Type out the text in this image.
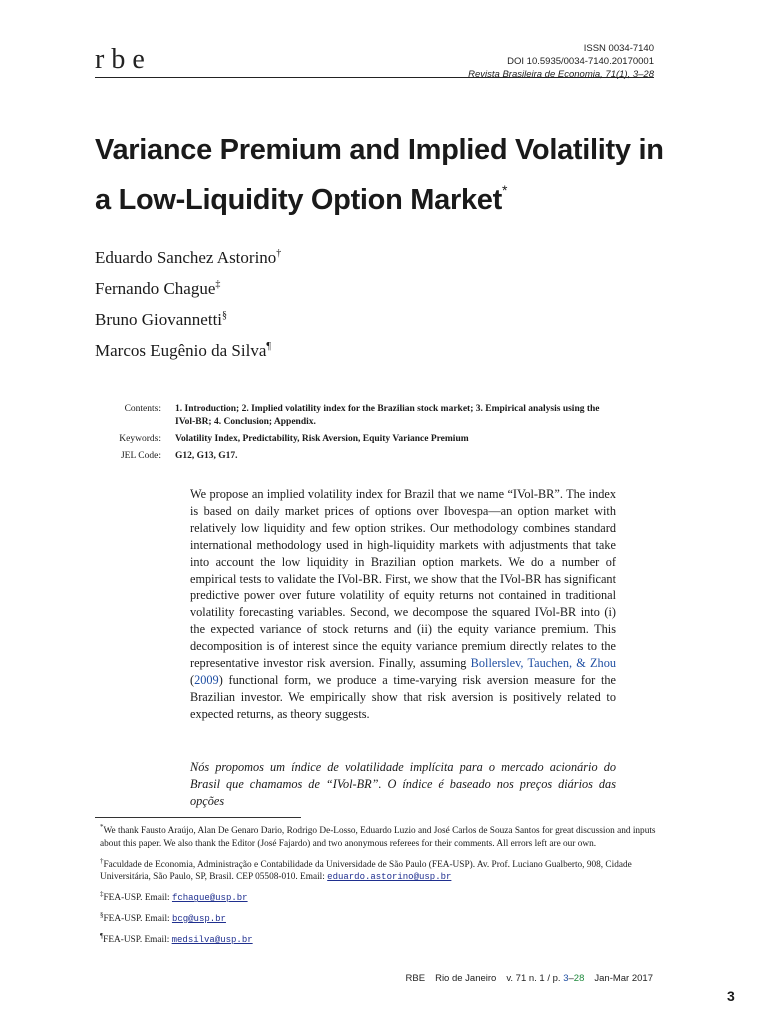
rbe	ISSN 0034-7140
DOI 10.5935/0034-7140.20170001
Revista Brasileira de Economia, 71(1), 3–28
Variance Premium and Implied Volatility in a Low-Liquidity Option Market*
Eduardo Sanchez Astorino†
Fernando Chague‡
Bruno Giovannetti§
Marcos Eugênio da Silva¶
Contents:	1. Introduction; 2. Implied volatility index for the Brazilian stock market; 3. Empirical analysis using the IVol-BR; 4. Conclusion; Appendix.
Keywords:	Volatility Index, Predictability, Risk Aversion, Equity Variance Premium
JEL Code:	G12, G13, G17.

We propose an implied volatility index for Brazil that we name “IVol-BR”. The index is based on daily market prices of options over Ibovespa—an option market with relatively low liquidity and few option strikes. Our methodology combines standard international methodology used in high-liquidity markets with adjustments that take into account the low liquidity in Brazilian option markets. We do a number of empirical tests to validate the IVol-BR. First, we show that the IVol-BR has significant predictive power over future volatility of equity returns not contained in traditional volatility forecasting variables. Second, we decompose the squared IVol-BR into (i) the expected variance of stock returns and (ii) the equity variance premium. This decomposition is of interest since the equity variance premium directly relates to the representative investor risk aversion. Finally, assuming Bollerslev, Tauchen, & Zhou (2009) functional form, we produce a time-varying risk aversion measure for the Brazilian investor. We empirically show that risk aversion is positively related to expected returns, as theory suggests.

Nós propomos um índice de volatilidade implícita para o mercado acionário do Brasil que chamamos de “IVol-BR”. O índice é baseado nos preços diários das opções

*We thank Fausto Araújo, Alan De Genaro Dario, Rodrigo De-Losso, Eduardo Luzio and José Carlos de Souza Santos for great discussion and inputs about this paper. We also thank the Editor (José Fajardo) and two anonymous referees for their comments. All errors left are our own.
†Faculdade de Economia, Administração e Contabilidade da Universidade de São Paulo (FEA-USP). Av. Prof. Luciano Gualberto, 908, Cidade Universitária, São Paulo, SP, Brasil. CEP 05508-010. Email: eduardo.astorino@usp.br
‡FEA-USP. Email: fchague@usp.br
§FEA-USP. Email: bcg@usp.br
¶FEA-USP. Email: medsilva@usp.br
RBE Rio de Janeiro v. 71 n. 1 / p. 3–28 Jan-Mar 2017
3
